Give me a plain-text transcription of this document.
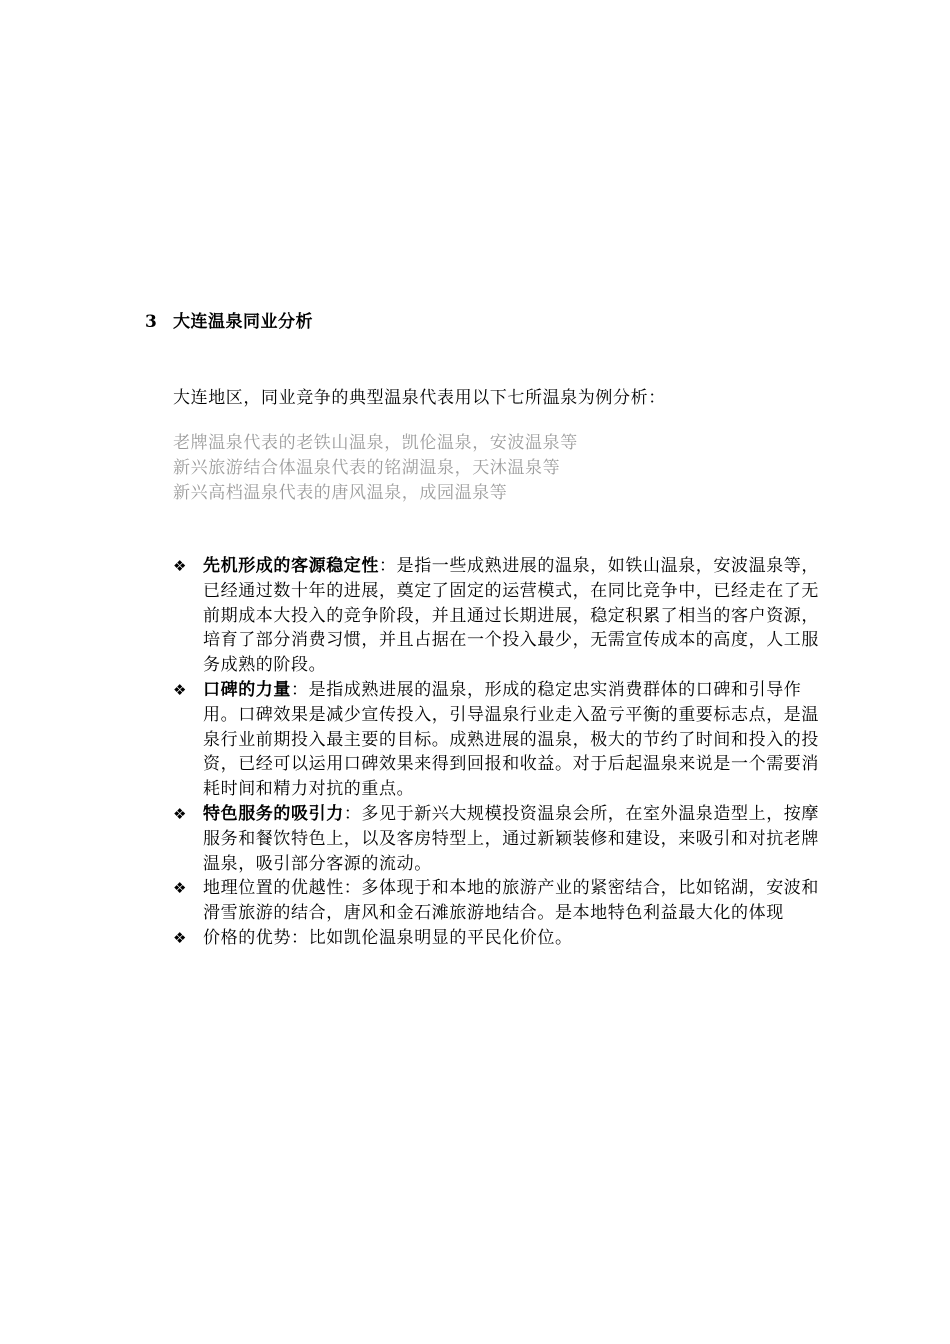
3 大连温泉同业分析
大连地区，同业竞争的典型温泉代表用以下七所温泉为例分析：
老牌温泉代表的老铁山温泉，凯伦温泉，安波温泉等
新兴旅游结合体温泉代表的铭湖温泉，天沐温泉等
新兴高档温泉代表的唐风温泉，成园温泉等
❖ 先机形成的客源稳定性：是指一些成熟进展的温泉，如铁山温泉，安波温泉等，已经通过数十年的进展，奠定了固定的运营模式，在同比竞争中，已经走在了无前期成本大投入的竞争阶段，并且通过长期进展，稳定积累了相当的客户资源，培育了部分消费习惯，并且占据在一个投入最少，无需宣传成本的高度，人工服务成熟的阶段。
❖ 口碑的力量：是指成熟进展的温泉，形成的稳定忠实消费群体的口碑和引导作用。口碑效果是减少宣传投入，引导温泉行业走入盈亏平衡的重要标志点，是温泉行业前期投入最主要的目标。成熟进展的温泉，极大的节约了时间和投入的投资，已经可以运用口碑效果来得到回报和收益。对于后起温泉来说是一个需要消耗时间和精力对抗的重点。
❖ 特色服务的吸引力：多见于新兴大规模投资温泉会所，在室外温泉造型上，按摩服务和餐饮特色上，以及客房特型上，通过新颖装修和建设，来吸引和对抗老牌温泉，吸引部分客源的流动。
❖ 地理位置的优越性：多体现于和本地的旅游产业的紧密结合，比如铭湖，安波和滑雪旅游的结合，唐风和金石滩旅游地结合。是本地特色利益最大化的体现
❖ 价格的优势：比如凯伦温泉明显的平民化价位。
